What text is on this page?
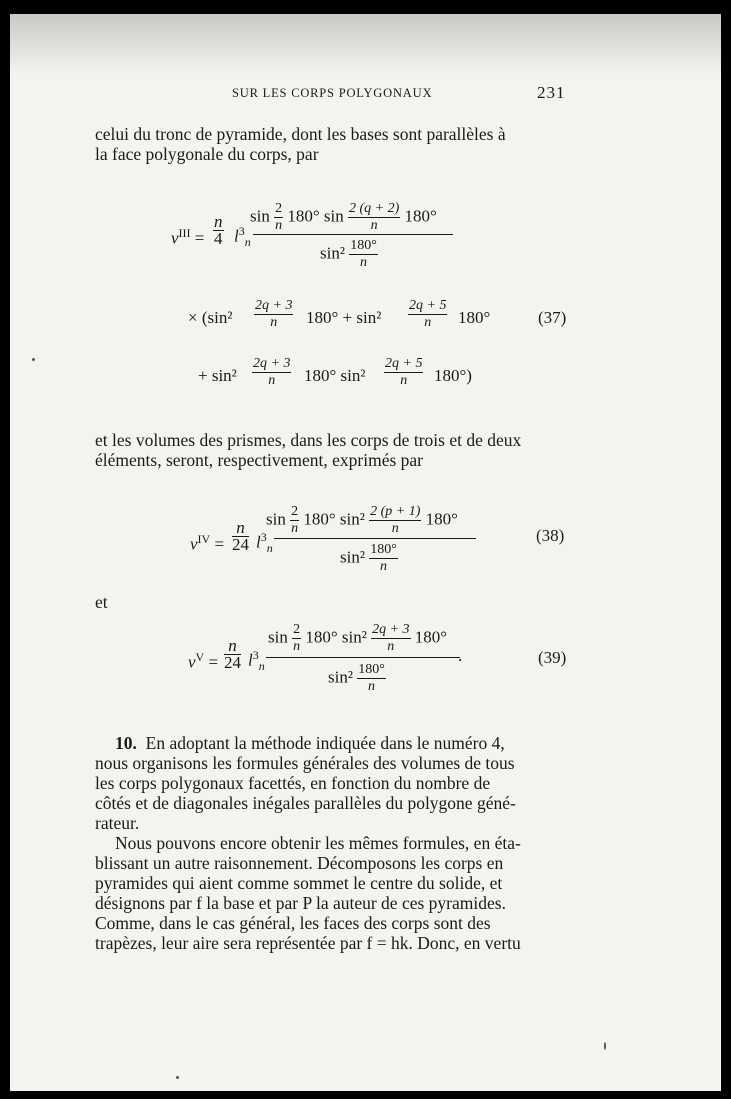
SUR LES CORPS POLYGONAUX	231
celui du tronc de pyramide, dont les bases sont parallèles à
la face polygonale du corps, par
$v^{III} = \frac{n}{4} l^3_n$
$\sin \frac{2}{n} 180^\circ$ $\sin \frac{2 (q + 2)}{n} 180^\circ$
$\sin^2 \frac{180^\circ}{n}$
× ($\sin^2 \frac{2q + 3}{n} 180^\circ + \sin^2 \frac{2q + 5}{n} 180^\circ$	(37)
+ $\sin^2 \frac{2q + 3}{n} 180^\circ$ $\sin^2 \frac{2q + 5}{n} 180^\circ$)
et les volumes des prismes, dans les corps de trois et de deux
éléments, seront, respectivement, exprimés par
$v^{IV} = \frac{n}{24} l^3_n$
$\sin \frac{2}{n} 180^\circ$ $\sin^2 \frac{2 (p + 1)}{n} 180^\circ$
$\sin^2 \frac{180^\circ}{n}$
(38)
et
$v^V = \frac{n}{24} l^3_n$
.
$\sin \frac{2}{n} 180^\circ$ $\sin^2 \frac{2q + 3}{n} 180^\circ$
$\sin^2 \frac{180^\circ}{n}$
(39)
10. En adoptant la méthode indiquée dans le numéro 4,
nous organisons les formules générales des volumes de tous
les corps polygonaux facettés, en fonction du nombre de
côtés et de diagonales inégales parallèles du polygone géné-
rateur.
Nous pouvons encore obtenir les mêmes formules, en éta-
blissant un autre raisonnement. Décomposons les corps en
pyramides qui aient comme sommet le centre du solide, et
désignons par f la base et par P la auteur de ces pyramides.
Comme, dans le cas général, les faces des corps sont des
trapèzes, leur aire sera représentée par f = hk. Donc, en vertu
